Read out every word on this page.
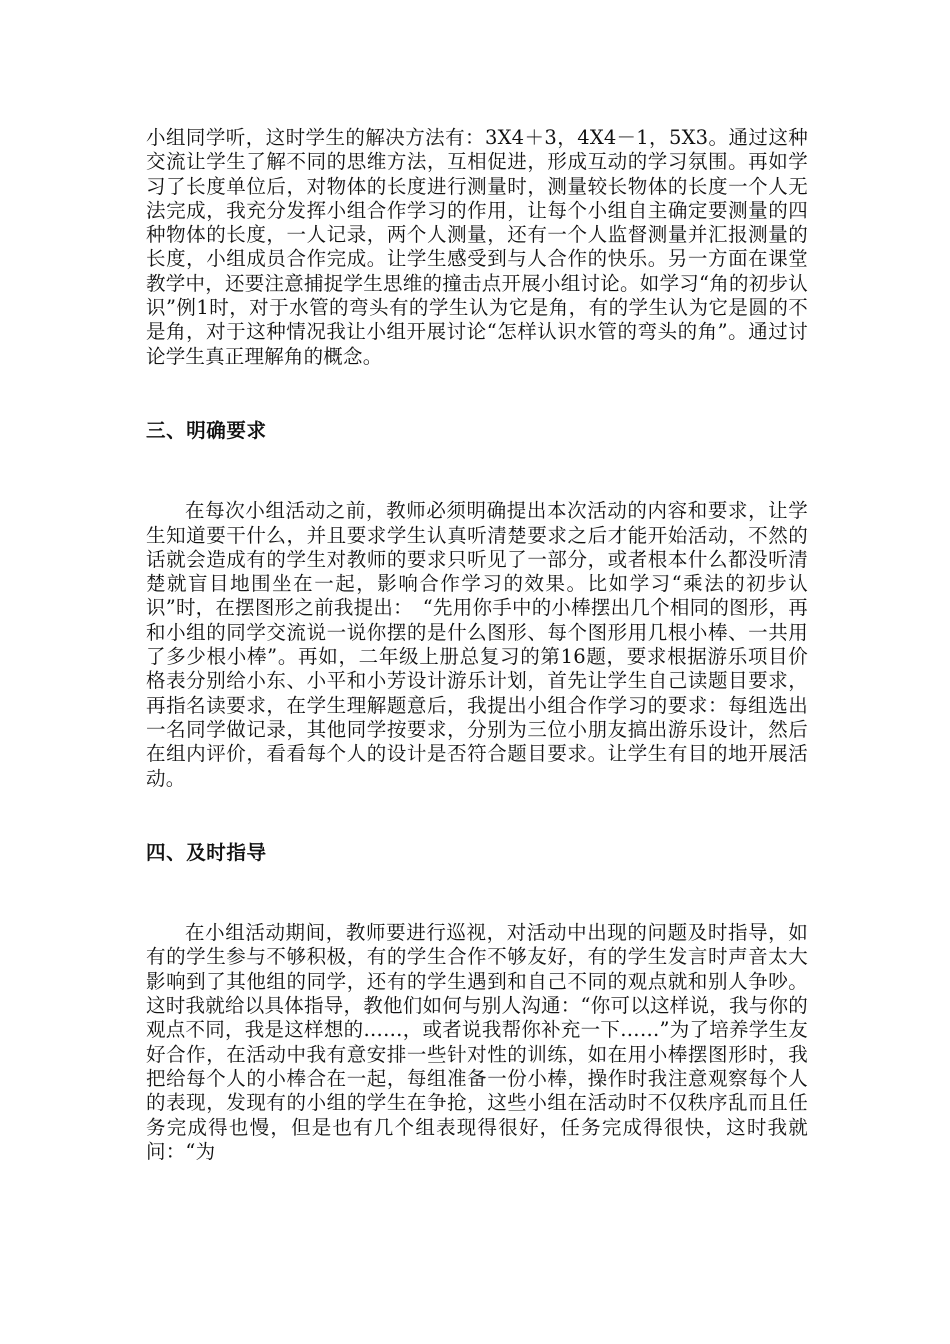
小组同学听，这时学生的解决方法有：3X4＋3，4X4－1，5X3。通过这种交流让学生了解不同的思维方法，互相促进，形成互动的学习氛围。再如学习了长度单位后，对物体的长度进行测量时，测量较长物体的长度一个人无法完成，我充分发挥小组合作学习的作用，让每个小组自主确定要测量的四种物体的长度，一人记录，两个人测量，还有一个人监督测量并汇报测量的长度，小组成员合作完成。让学生感受到与人合作的快乐。另一方面在课堂教学中，还要注意捕捉学生思维的撞击点开展小组讨论。如学习“角的初步认识”例1时，对于水管的弯头有的学生认为它是角，有的学生认为它是圆的不是角，对于这种情况我让小组开展讨论“怎样认识水管的弯头的角”。通过讨论学生真正理解角的概念。

三、明确要求

在每次小组活动之前，教师必须明确提出本次活动的内容和要求，让学生知道要干什么，并且要求学生认真听清楚要求之后才能开始活动，不然的话就会造成有的学生对教师的要求只听见了一部分，或者根本什么都没听清楚就盲目地围坐在一起，影响合作学习的效果。比如学习“乘法的初步认识”时，在摆图形之前我提出：　“先用你手中的小棒摆出几个相同的图形，再和小组的同学交流说一说你摆的是什么图形、每个图形用几根小棒、一共用了多少根小棒”。再如，二年级上册总复习的第16题，要求根据游乐项目价格表分别给小东、小平和小芳设计游乐计划，首先让学生自己读题目要求，再指名读要求，在学生理解题意后，我提出小组合作学习的要求：每组选出一名同学做记录，其他同学按要求，分别为三位小朋友搞出游乐设计，然后在组内评价，看看每个人的设计是否符合题目要求。让学生有目的地开展活动。

四、及时指导

在小组活动期间，教师要进行巡视，对活动中出现的问题及时指导，如有的学生参与不够积极，有的学生合作不够友好，有的学生发言时声音太大影响到了其他组的同学，还有的学生遇到和自己不同的观点就和别人争吵。这时我就给以具体指导，教他们如何与别人沟通：“你可以这样说，我与你的观点不同，我是这样想的……，或者说我帮你补充一下……”为了培养学生友好合作，在活动中我有意安排一些针对性的训练，如在用小棒摆图形时，我把给每个人的小棒合在一起，每组准备一份小棒，操作时我注意观察每个人的表现，发现有的小组的学生在争抢，这些小组在活动时不仅秩序乱而且任务完成得也慢，但是也有几个组表现得很好，任务完成得很快，这时我就问：“为
